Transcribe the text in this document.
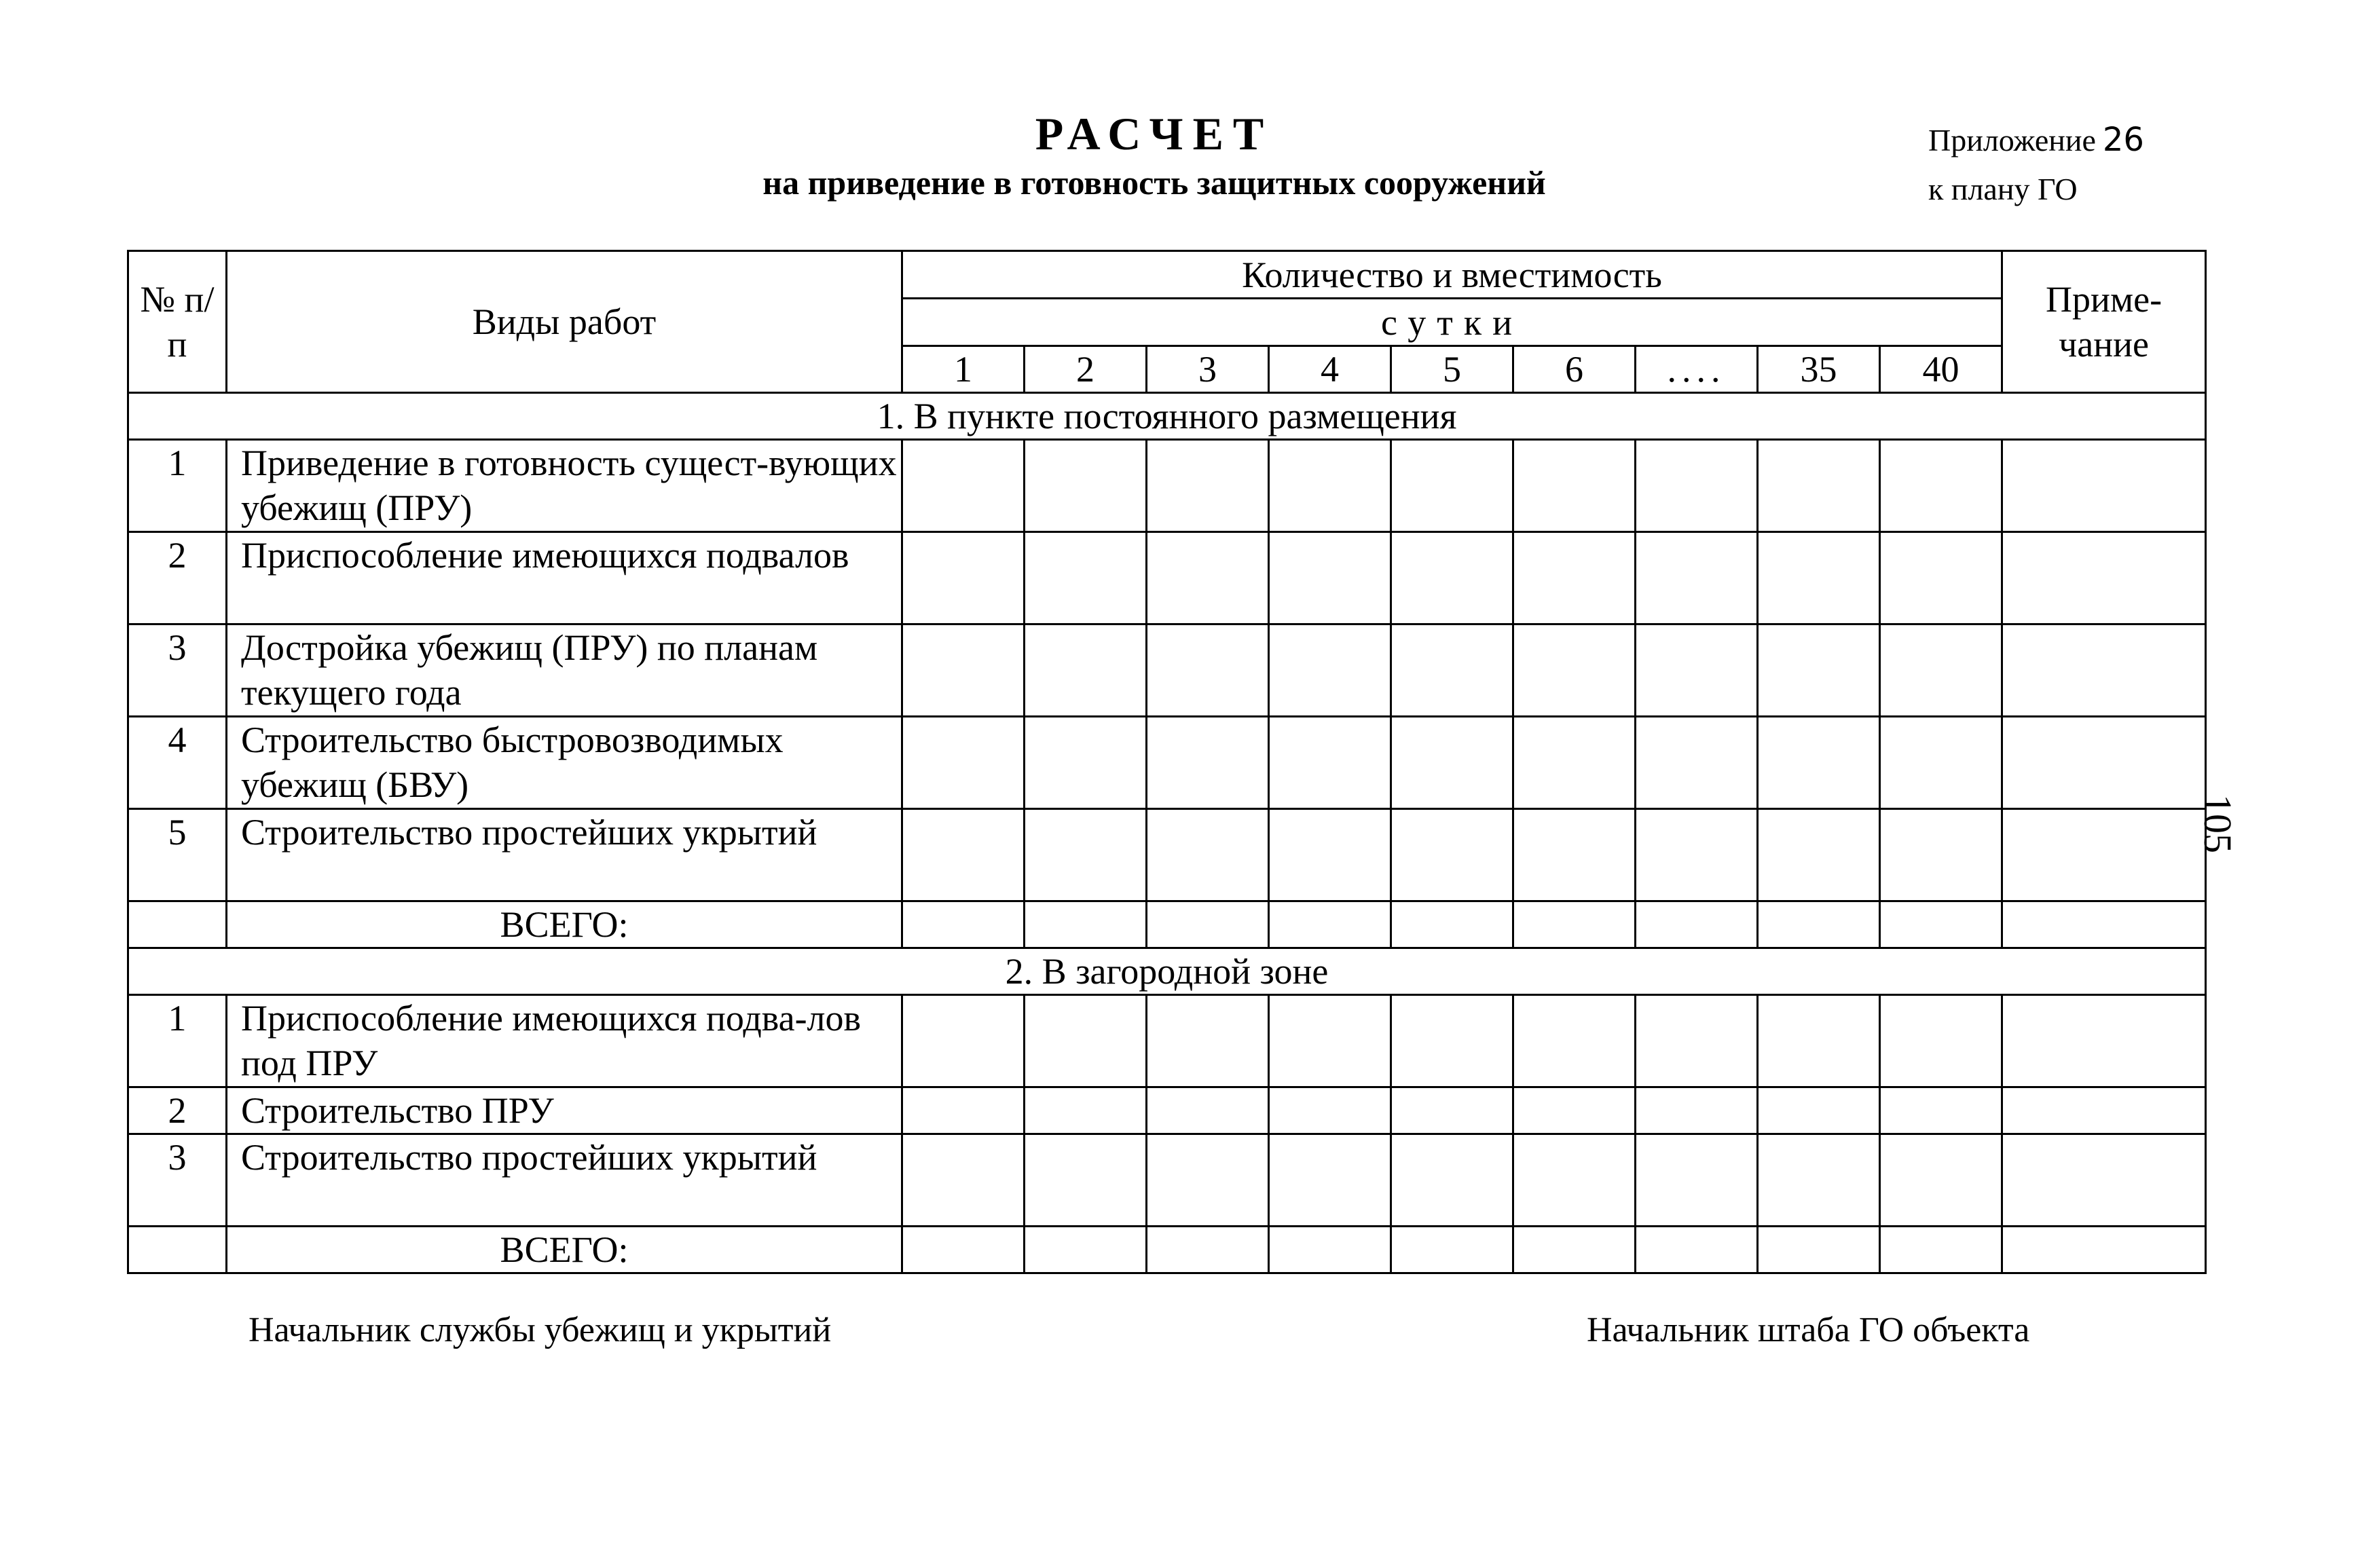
РАСЧЕТ
на приведение в готовность защитных сооружений
Приложение 26
к плану ГО
105
№ п/п	Виды работ	Количество и вместимость									Приме-чание
		сутки									
		1	2	3	4	5	6	....	35	40	
1. В пункте постоянного размещения											
1	Приведение в готовность сущест-вующих убежищ (ПРУ)										
2	Приспособление имеющихся подвалов										
3	Достройка убежищ (ПРУ) по планам текущего года										
4	Строительство быстровозводимых убежищ (БВУ)										
5	Строительство простейших укрытий										
	ВСЕГО:										
2. В загородной зоне											
1	Приспособление имеющихся подва-лов под ПРУ										
2	Строительство ПРУ										
3	Строительство простейших укрытий										
	ВСЕГО:										
Начальник службы убежищ и укрытий	Начальник штаба ГО объекта
